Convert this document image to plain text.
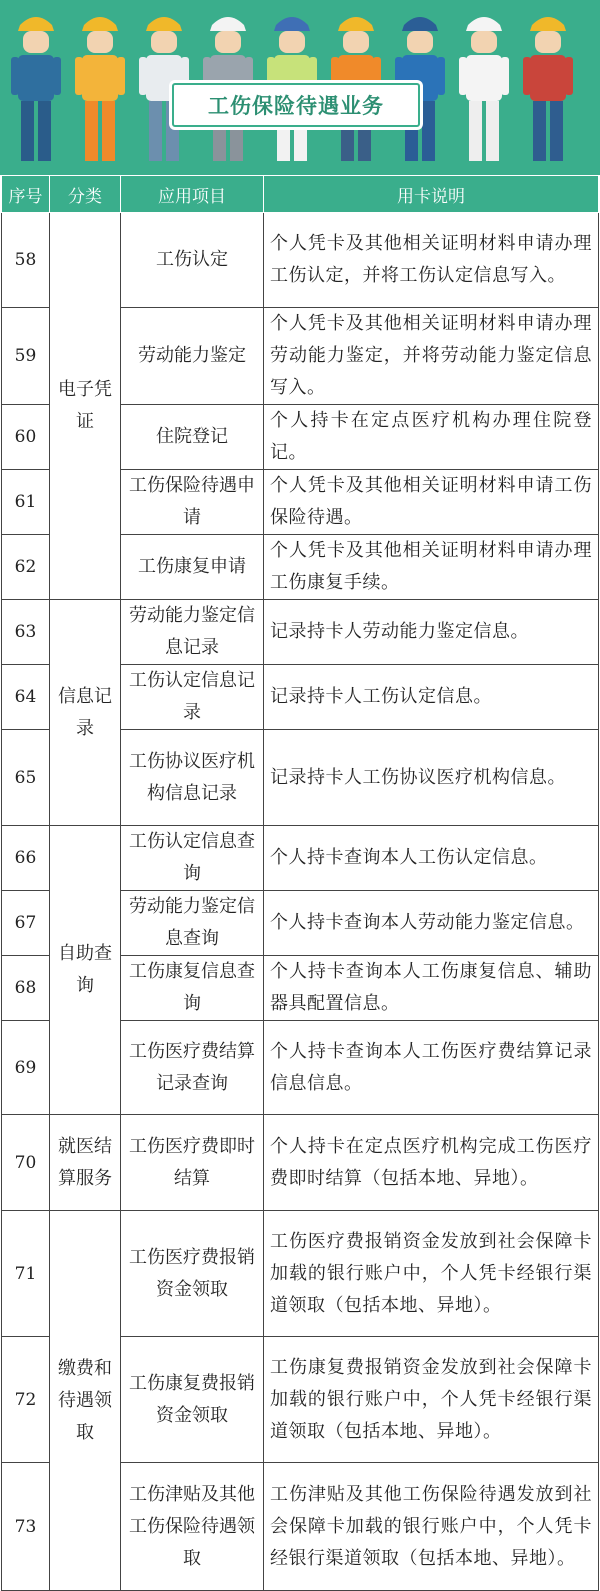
工伤保险待遇业务
序号	分类	应用项目	用卡说明
58	电子凭证	工伤认定	个人凭卡及其他相关证明材料申请办理工伤认定，并将工伤认定信息写入。
59		劳动能力鉴定	个人凭卡及其他相关证明材料申请办理劳动能力鉴定，并将劳动能力鉴定信息写入。
60		住院登记	个人持卡在定点医疗机构办理住院登记。
61		工伤保险待遇申请	个人凭卡及其他相关证明材料申请工伤保险待遇。
62		工伤康复申请	个人凭卡及其他相关证明材料申请办理工伤康复手续。
63	信息记录	劳动能力鉴定信息记录	记录持卡人劳动能力鉴定信息。
64		工伤认定信息记录	记录持卡人工伤认定信息。
65		工伤协议医疗机构信息记录	记录持卡人工伤协议医疗机构信息。
66	自助查询	工伤认定信息查询	个人持卡查询本人工伤认定信息。
67		劳动能力鉴定信息查询	个人持卡查询本人劳动能力鉴定信息。
68		工伤康复信息查询	个人持卡查询本人工伤康复信息、辅助器具配置信息。
69		工伤医疗费结算记录查询	个人持卡查询本人工伤医疗费结算记录信息信息。
70	就医结算服务	工伤医疗费即时结算	个人持卡在定点医疗机构完成工伤医疗费即时结算（包括本地、异地）。
71	缴费和待遇领取	工伤医疗费报销资金领取	工伤医疗费报销资金发放到社会保障卡加载的银行账户中，个人凭卡经银行渠道领取（包括本地、异地）。
72		工伤康复费报销资金领取	工伤康复费报销资金发放到社会保障卡加载的银行账户中，个人凭卡经银行渠道领取（包括本地、异地）。
73		工伤津贴及其他工伤保险待遇领取	工伤津贴及其他工伤保险待遇发放到社会保障卡加载的银行账户中，个人凭卡经银行渠道领取（包括本地、异地）。
